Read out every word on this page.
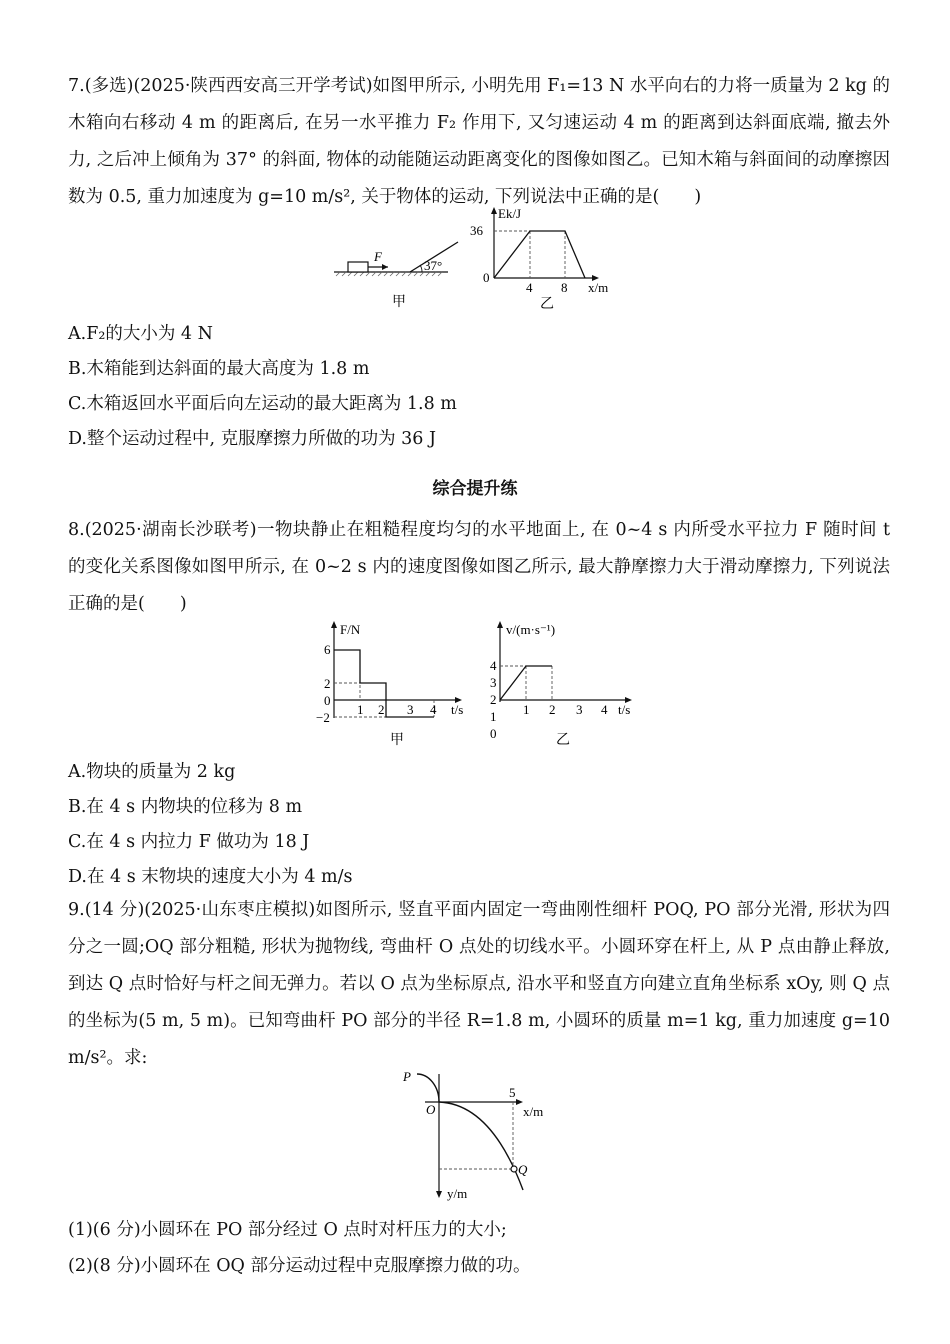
7.(多选)(2025·陕西西安高三开学考试)如图甲所示, 小明先用 F₁=13 N 水平向右的力将一质量为 2 kg 的木箱向右移动 4 m 的距离后, 在另一水平推力 F₂ 作用下, 又匀速运动 4 m 的距离到达斜面底端, 撤去外力, 之后冲上倾角为 37° 的斜面, 物体的动能随运动距离变化的图像如图乙。已知木箱与斜面间的动摩擦因数为 0.5, 重力加速度为 g=10 m/s², 关于物体的运动, 下列说法中正确的是(　　)
F
37°
甲
Ek/J
36
0
4 8 x/m
乙
A.F₂的大小为 4 N
B.木箱能到达斜面的最大高度为 1.8 m
C.木箱返回水平面后向左运动的最大距离为 1.8 m
D.整个运动过程中, 克服摩擦力所做的功为 36 J
综合提升练
8.(2025·湖南长沙联考)一物块静止在粗糙程度均匀的水平地面上, 在 0~4 s 内所受水平拉力 F 随时间 t 的变化关系图像如图甲所示, 在 0~2 s 内的速度图像如图乙所示, 最大静摩擦力大于滑动摩擦力, 下列说法正确的是(　　)
F/N
6
2
0
−2
1 2 3 4 t/s
甲
v/(m·s⁻¹)
4
3
2
1
0
1 2 3 4 t/s
乙
A.物块的质量为 2 kg
B.在 4 s 内物块的位移为 8 m
C.在 4 s 内拉力 F 做功为 18 J
D.在 4 s 末物块的速度大小为 4 m/s
9.(14 分)(2025·山东枣庄模拟)如图所示, 竖直平面内固定一弯曲刚性细杆 POQ, PO 部分光滑, 形状为四分之一圆;OQ 部分粗糙, 形状为抛物线, 弯曲杆 O 点处的切线水平。小圆环穿在杆上, 从 P 点由静止释放, 到达 Q 点时恰好与杆之间无弹力。若以 O 点为坐标原点, 沿水平和竖直方向建立直角坐标系 xOy, 则 Q 点的坐标为(5 m, 5 m)。已知弯曲杆 PO 部分的半径 R=1.8 m, 小圆环的质量 m=1 kg, 重力加速度 g=10 m/s²。求:
P
O
Q
5
x/m
y/m
(1)(6 分)小圆环在 PO 部分经过 O 点时对杆压力的大小;
(2)(8 分)小圆环在 OQ 部分运动过程中克服摩擦力做的功。
